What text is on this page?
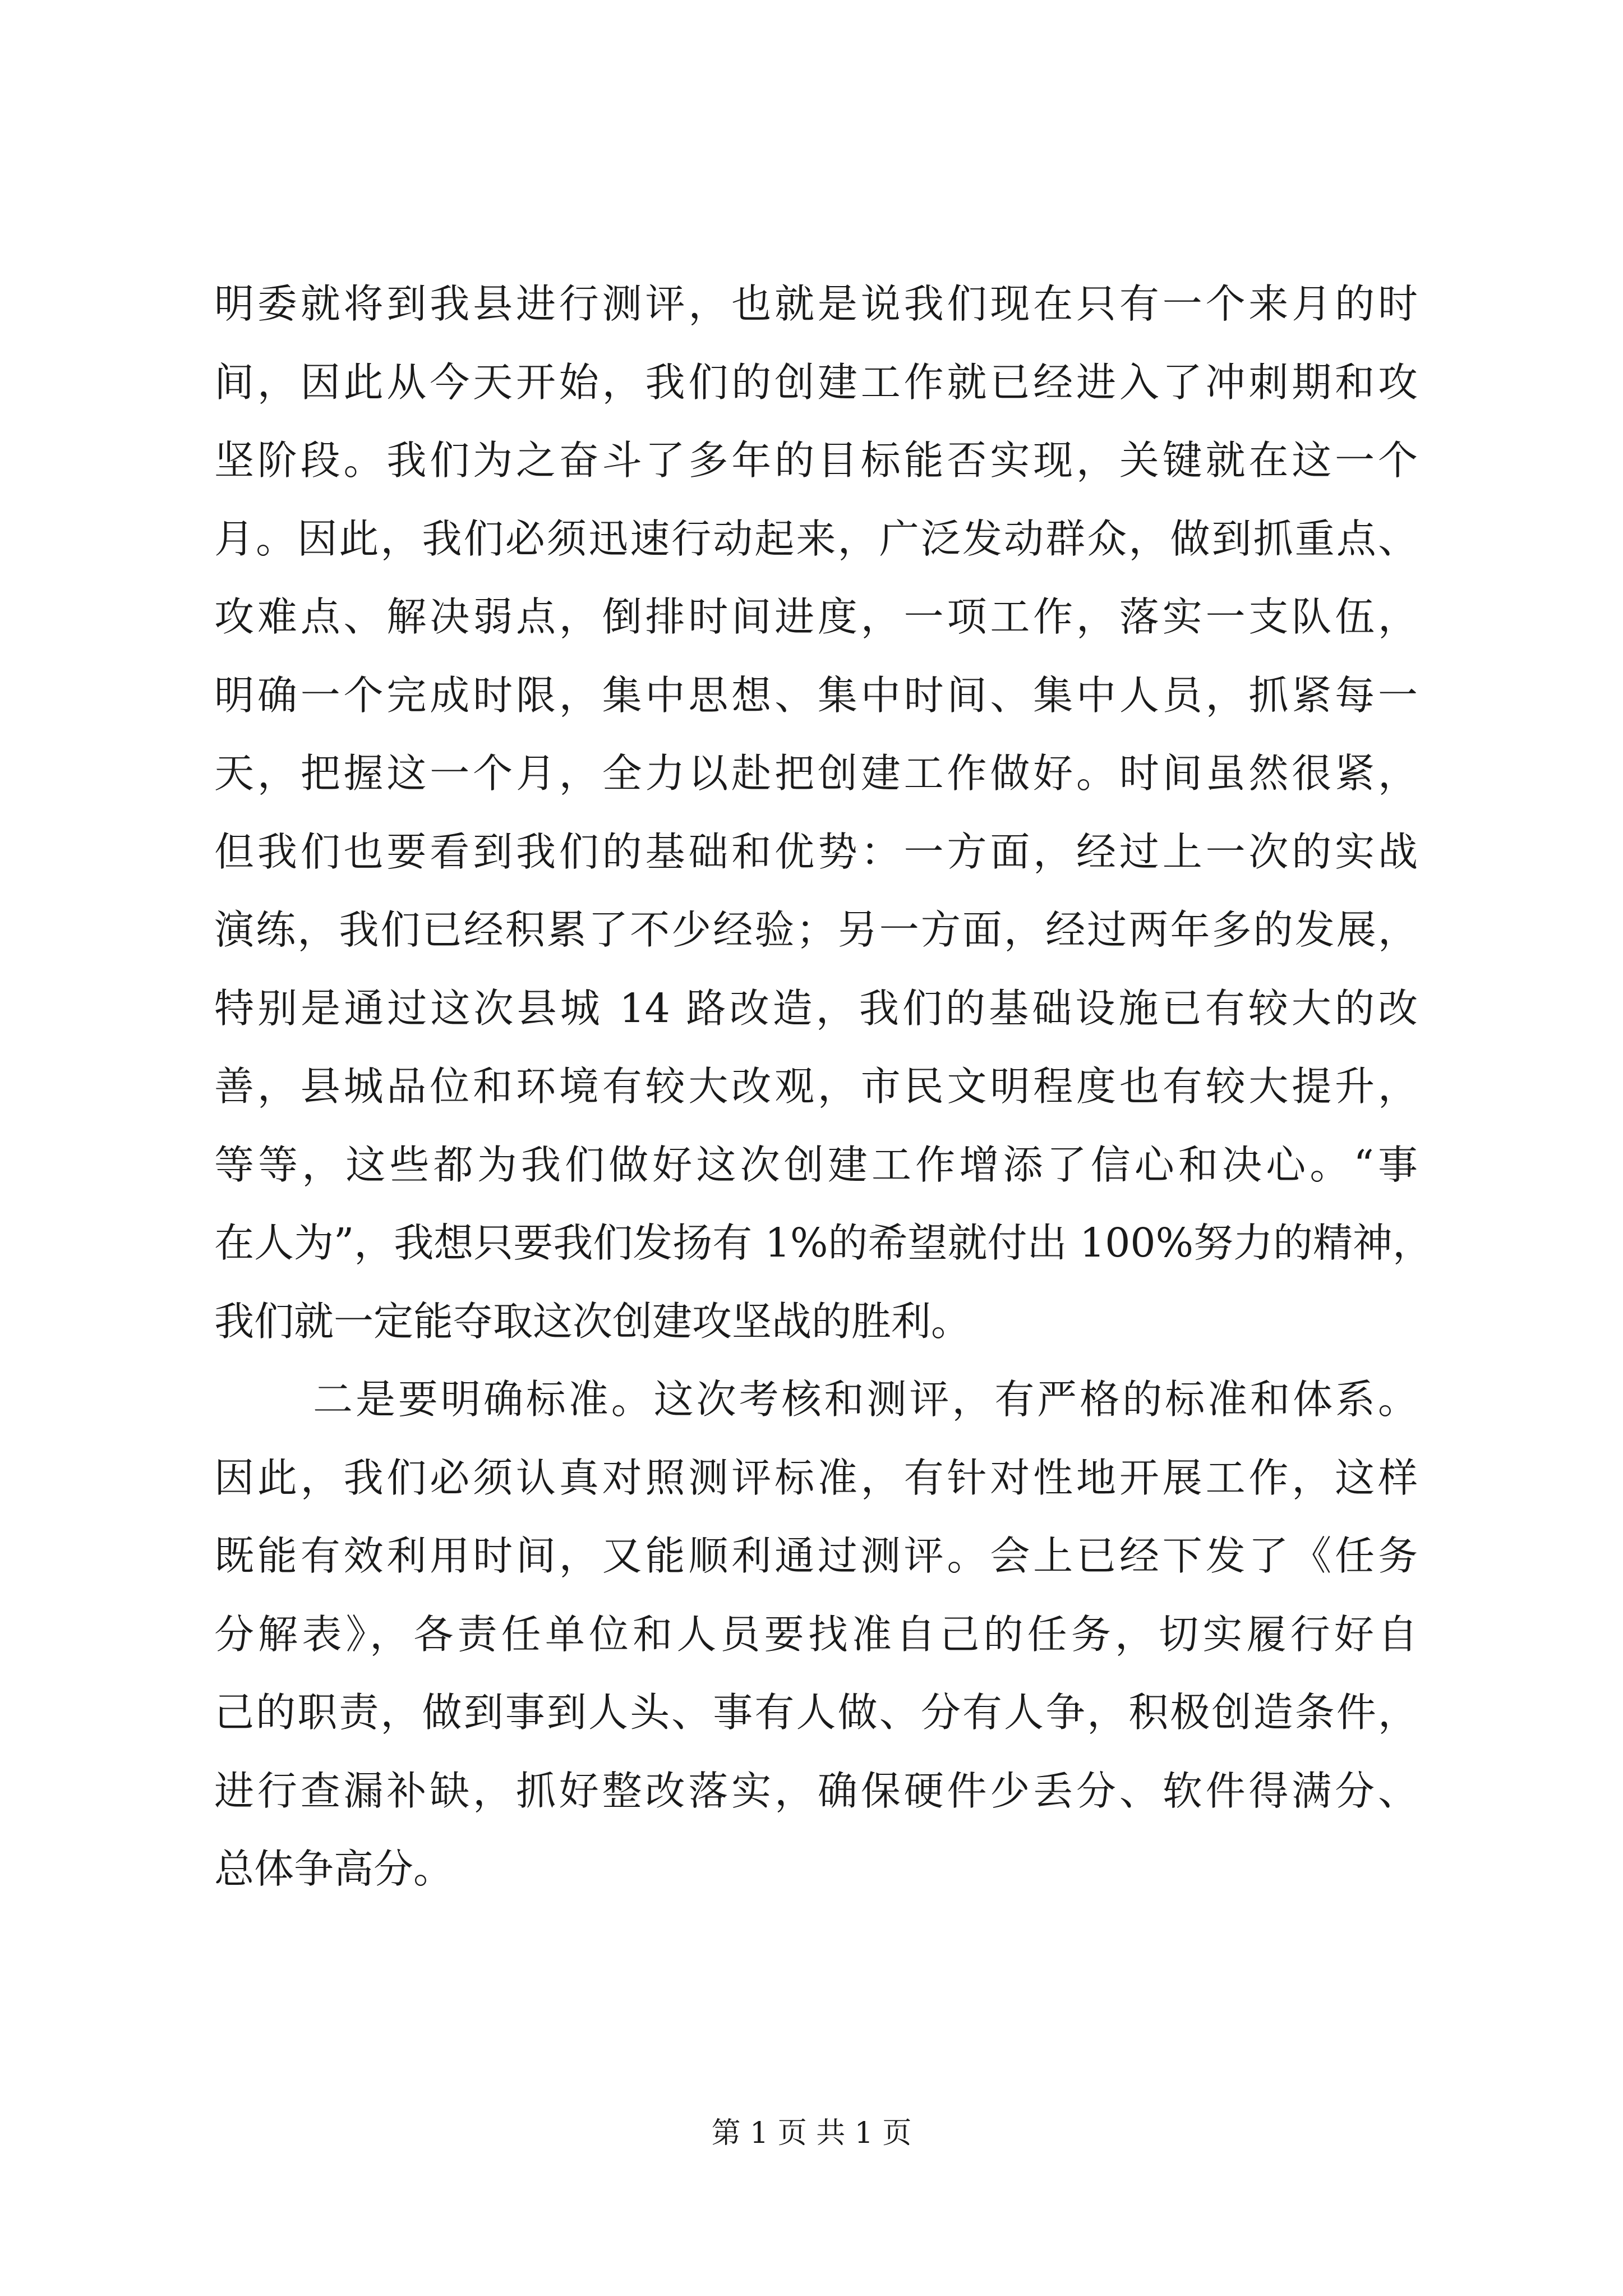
明委就将到我县进行测评，也就是说我们现在只有一个来月的时
间，因此从今天开始，我们的创建工作就已经进入了冲刺期和攻
坚阶段。我们为之奋斗了多年的目标能否实现，关键就在这一个
月。因此，我们必须迅速行动起来，广泛发动群众，做到抓重点、
攻难点、解决弱点，倒排时间进度，一项工作，落实一支队伍，
明确一个完成时限，集中思想、集中时间、集中人员，抓紧每一
天，把握这一个月，全力以赴把创建工作做好。时间虽然很紧，
但我们也要看到我们的基础和优势：一方面，经过上一次的实战
演练，我们已经积累了不少经验；另一方面，经过两年多的发展，
特别是通过这次县城 14 路改造，我们的基础设施已有较大的改
善，县城品位和环境有较大改观，市民文明程度也有较大提升，
等等，这些都为我们做好这次创建工作增添了信心和决心。“事
在人为”，我想只要我们发扬有 1%的希望就付出 100%努力的精神，
我们就一定能夺取这次创建攻坚战的胜利。
二是要明确标准。这次考核和测评，有严格的标准和体系。
因此，我们必须认真对照测评标准，有针对性地开展工作，这样
既能有效利用时间，又能顺利通过测评。会上已经下发了《任务
分解表》，各责任单位和人员要找准自己的任务，切实履行好自
己的职责，做到事到人头、事有人做、分有人争，积极创造条件，
进行查漏补缺，抓好整改落实，确保硬件少丢分、软件得满分、
总体争高分。
第 1 页 共 1 页
